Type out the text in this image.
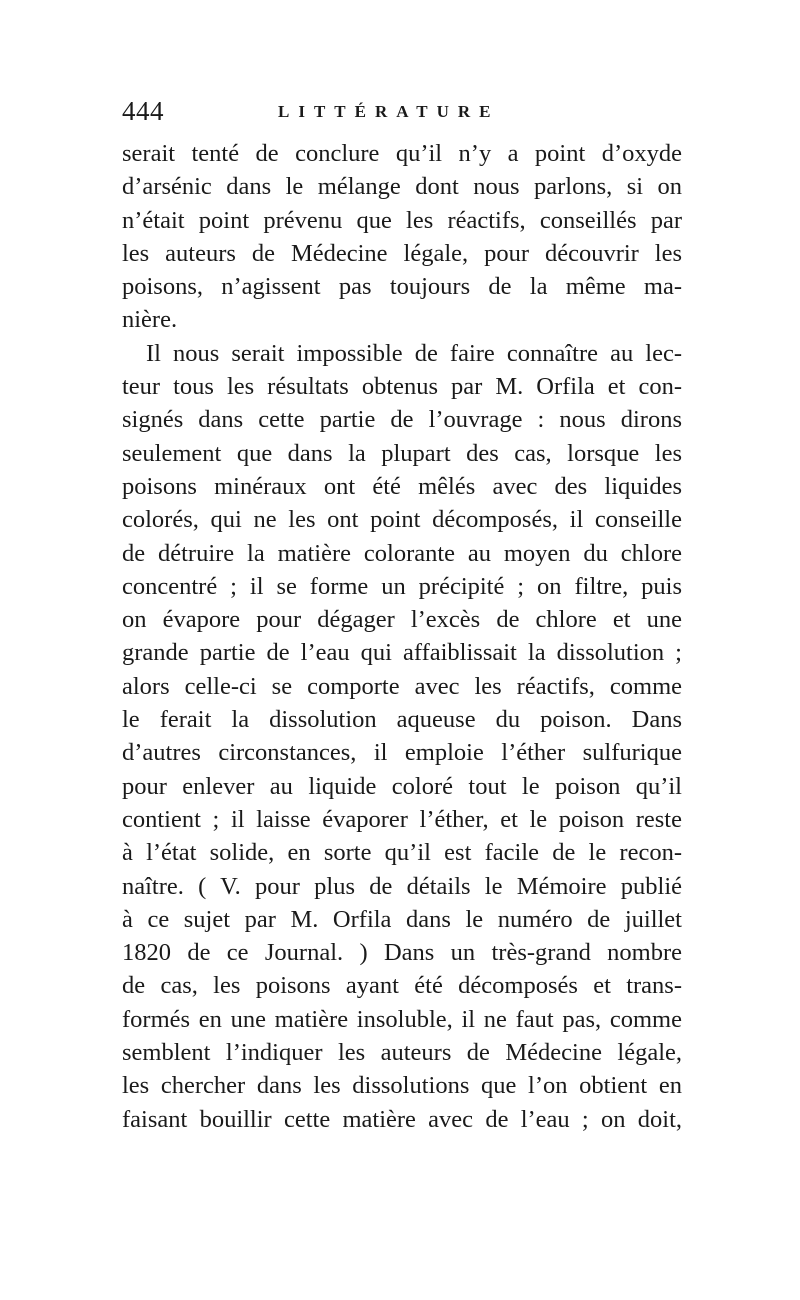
444	LITTÉRATURE
serait tenté de conclure qu’il n’y a point d’oxyde
d’arsénic dans le mélange dont nous parlons, si on
n’était point prévenu que les réactifs, conseillés par
les auteurs de Médecine légale, pour découvrir les
poisons, n’agissent pas toujours de la même ma-
nière.
Il nous serait impossible de faire connaître au lec-
teur tous les résultats obtenus par M. Orfila et con-
signés dans cette partie de l’ouvrage : nous dirons
seulement que dans la plupart des cas, lorsque les
poisons minéraux ont été mêlés avec des liquides
colorés, qui ne les ont point décomposés, il conseille
de détruire la matière colorante au moyen du chlore
concentré ; il se forme un précipité ; on filtre, puis
on évapore pour dégager l’excès de chlore et une
grande partie de l’eau qui affaiblissait la dissolution ;
alors celle-ci se comporte avec les réactifs, comme
le ferait la dissolution aqueuse du poison. Dans
d’autres circonstances, il emploie l’éther sulfurique
pour enlever au liquide coloré tout le poison qu’il
contient ; il laisse évaporer l’éther, et le poison reste
à l’état solide, en sorte qu’il est facile de le recon-
naître. ( V. pour plus de détails le Mémoire publié
à ce sujet par M. Orfila dans le numéro de juillet
1820 de ce Journal. ) Dans un très-grand nombre
de cas, les poisons ayant été décomposés et trans-
formés en une matière insoluble, il ne faut pas, comme
semblent l’indiquer les auteurs de Médecine légale,
les chercher dans les dissolutions que l’on obtient en
faisant bouillir cette matière avec de l’eau ; on doit,
